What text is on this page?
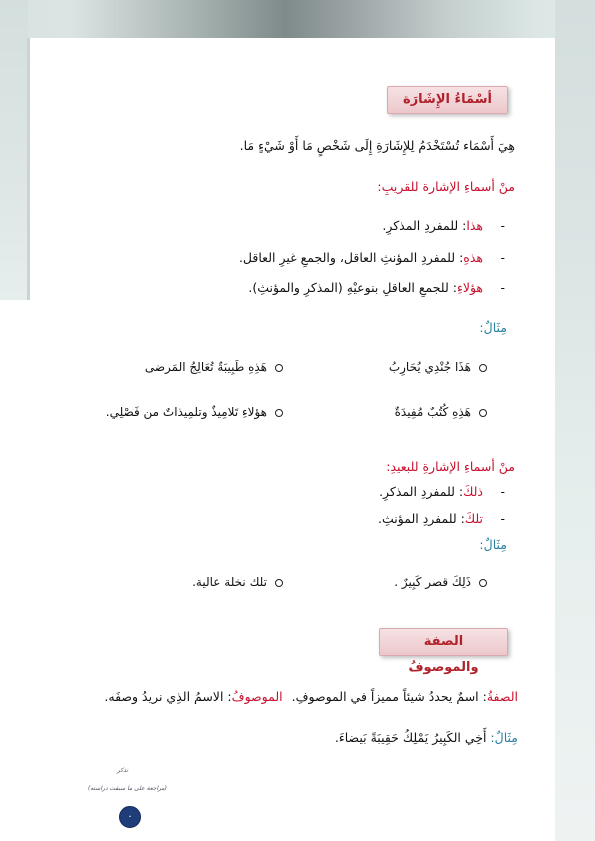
أسْمَاءُ الإِشَارَة
هِيَ أَسْمَاء تُسْتَخْدَمُ لِلإِشَارَةِ إِلَى شَخْصٍ مَا أَوْ شَيْءٍ مَا.
منْ أسماءِ الإشارة للقريبِ:
-هذا: للمفردِ المذكرِ.
-هذهِ: للمفردِ المؤنثِ العاقل، والجمعِ غيرِ العاقل.
-هؤلاءِ: للجمعِ العاقلِ بنوعيْهِ (المذكرِ والمؤنثِ).
مِثَالٌ:
هَذَا جُنْدِي يُحَارِبُ
هَذِهِ طَبِيبَةٌ تُعَالِجُ المَرضى
هَذِهِ كُتُبٌ مُفِيدَةٌ
هؤلاءِ تَلامِيذٌ وتلمِيذاتٌ من فَصْلِي.
منْ أسماءِ الإشارةِ للبعيدِ:
-ذلكَ: للمفردِ المذكرِ.
-تلكَ: للمفردِ المؤنثِ.
مِثَالٌ:
ذَلِكَ قصر كَبِيرٌ .
تلك نخلة عالية.
الصفة والموصوفُ
الصفةُ: اسمٌ يحددُ شيئاً مميزاً في الموصوفِ. الموصوفُ: الاسمُ الذِي نريدُ وصفَه.
مِثَالٌ: أَخِي الكَبِيرُ يَمْلِكُ حَقِيبَةً بَيضاءَ.
تذكر
(مراجعة على ما سبقت دراسته)
٠
